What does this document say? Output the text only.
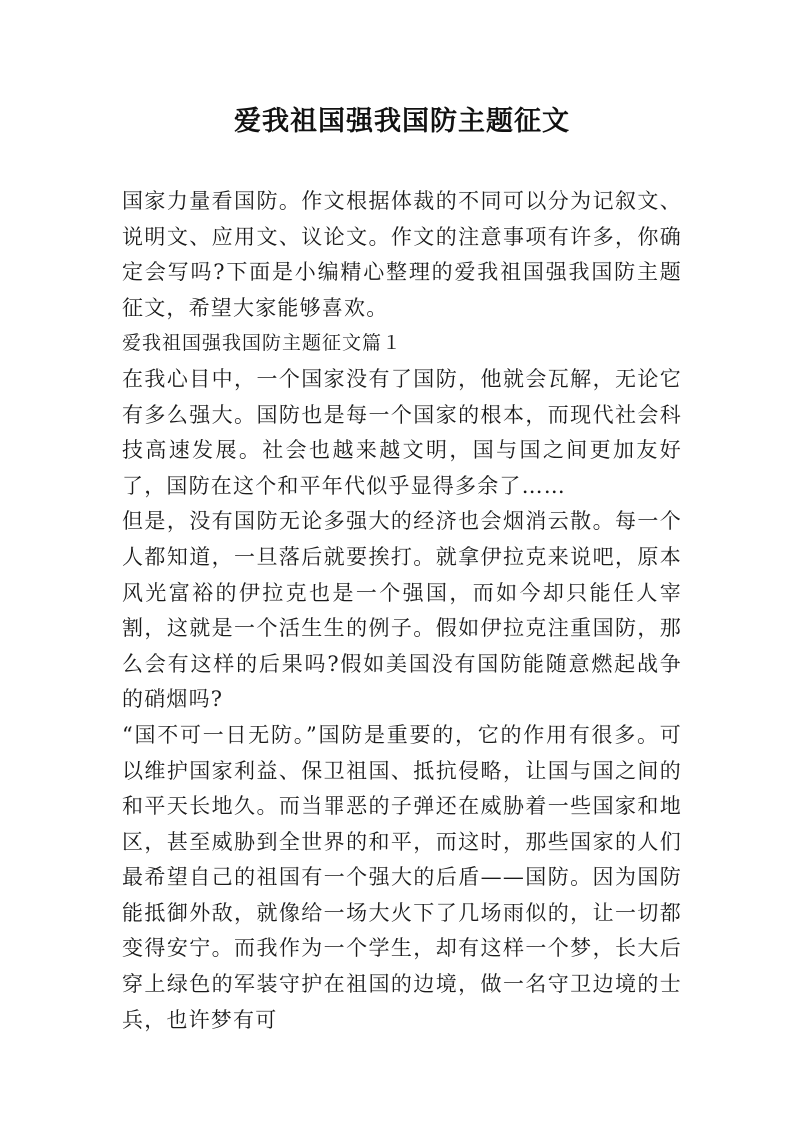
爱我祖国强我国防主题征文

国家力量看国防。作文根据体裁的不同可以分为记叙文、说明文、应用文、议论文。作文的注意事项有许多，你确定会写吗?下面是小编精心整理的爱我祖国强我国防主题征文，希望大家能够喜欢。

爱我祖国强我国防主题征文篇１

在我心目中，一个国家没有了国防，他就会瓦解，无论它有多么强大。国防也是每一个国家的根本，而现代社会科技高速发展。社会也越来越文明，国与国之间更加友好了，国防在这个和平年代似乎显得多余了……

但是，没有国防无论多强大的经济也会烟消云散。每一个人都知道，一旦落后就要挨打。就拿伊拉克来说吧，原本风光富裕的伊拉克也是一个强国，而如今却只能任人宰割，这就是一个活生生的例子。假如伊拉克注重国防，那么会有这样的后果吗?假如美国没有国防能随意燃起战争的硝烟吗?

“国不可一日无防。”国防是重要的，它的作用有很多。可以维护国家利益、保卫祖国、抵抗侵略，让国与国之间的和平天长地久。而当罪恶的子弹还在威胁着一些国家和地区，甚至威胁到全世界的和平，而这时，那些国家的人们最希望自己的祖国有一个强大的后盾——国防。因为国防能抵御外敌，就像给一场大火下了几场雨似的，让一切都变得安宁。而我作为一个学生，却有这样一个梦，长大后穿上绿色的军装守护在祖国的边境，做一名守卫边境的士兵，也许梦有可
